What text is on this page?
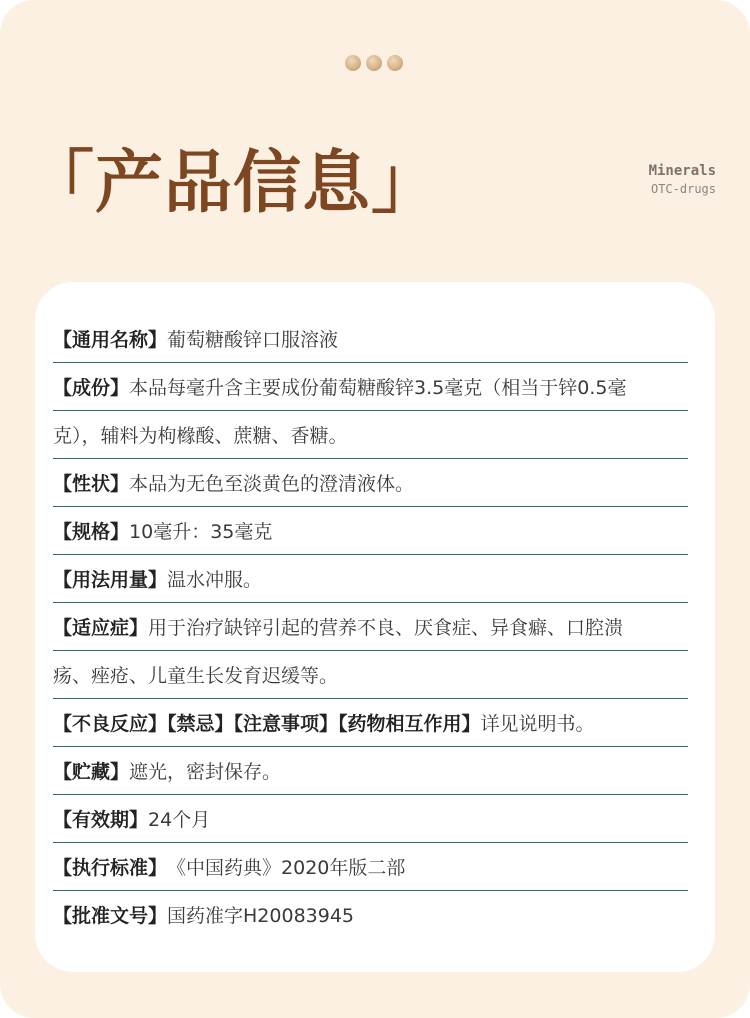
「产品信息」	Minerals
OTC-drugs
【通用名称】 葡萄糖酸锌口服溶液
【成份】 本品每毫升含主要成份葡萄糖酸锌3.5毫克（相当于锌0.5毫
克），辅料为枸橼酸、蔗糖、香糖。
【性状】 本品为无色至淡黄色的澄清液体。
【规格】 10毫升：35毫克
【用法用量】 温水冲服。
【适应症】 用于治疗缺锌引起的营养不良、厌食症、异食癖、口腔溃
疡、痤疮、儿童生长发育迟缓等。
【不良反应】【禁忌】【注意事项】【药物相互作用】 详见说明书。
【贮藏】 遮光，密封保存。
【有效期】 24个月
【执行标准】 《中国药典》2020年版二部
【批准文号】 国药准字H20083945
